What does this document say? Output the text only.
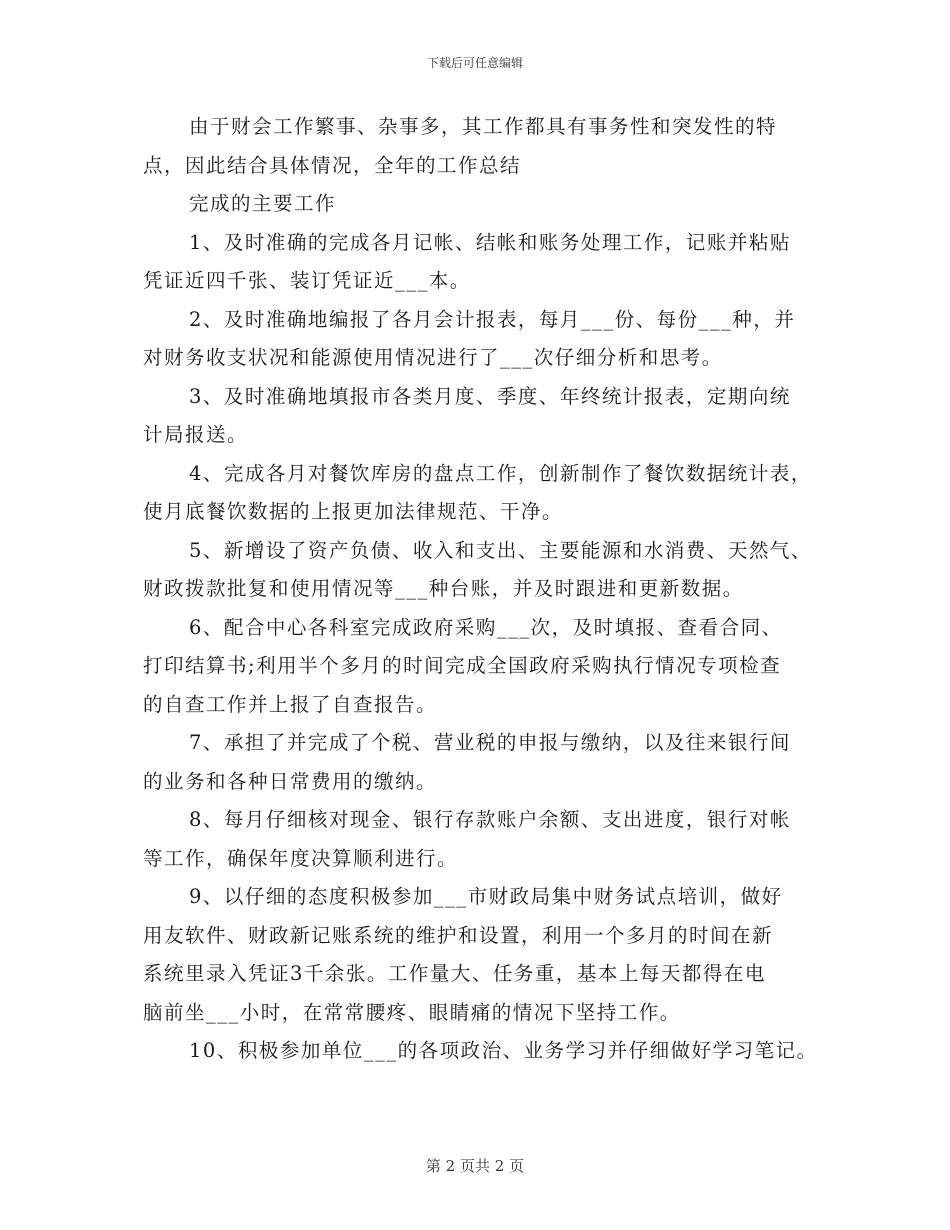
下载后可任意编辑
由于财会工作繁事、杂事多，其工作都具有事务性和突发性的特
点，因此结合具体情况，全年的工作总结
完成的主要工作
1、及时准确的完成各月记帐、结帐和账务处理工作，记账并粘贴
凭证近四千张、装订凭证近___本。
2、及时准确地编报了各月会计报表，每月___份、每份___种，并
对财务收支状况和能源使用情况进行了___次仔细分析和思考。
3、及时准确地填报市各类月度、季度、年终统计报表，定期向统
计局报送。
4、完成各月对餐饮库房的盘点工作，创新制作了餐饮数据统计表，
使月底餐饮数据的上报更加法律规范、干净。
5、新增设了资产负债、收入和支出、主要能源和水消费、天然气、
财政拨款批复和使用情况等___种台账，并及时跟进和更新数据。
6、配合中心各科室完成政府采购___次，及时填报、查看合同、
打印结算书;利用半个多月的时间完成全国政府采购执行情况专项检查
的自查工作并上报了自查报告。
7、承担了并完成了个税、营业税的申报与缴纳，以及往来银行间
的业务和各种日常费用的缴纳。
8、每月仔细核对现金、银行存款账户余额、支出进度，银行对帐
等工作，确保年度决算顺利进行。
9、以仔细的态度积极参加___市财政局集中财务试点培训，做好
用友软件、财政新记账系统的维护和设置，利用一个多月的时间在新
系统里录入凭证3千余张。工作量大、任务重，基本上每天都得在电
脑前坐___小时，在常常腰疼、眼睛痛的情况下坚持工作。
10、积极参加单位___的各项政治、业务学习并仔细做好学习笔记。
第 2 页共 2 页
